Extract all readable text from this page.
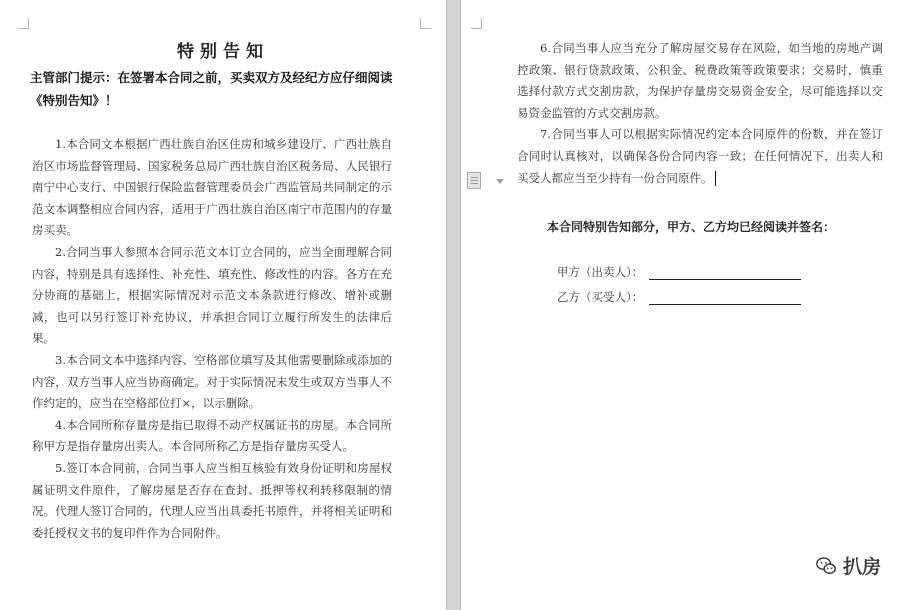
特别告知
主管部门提示：在签署本合同之前，买卖双方及经纪方应仔细阅读《特别告知》！

1.本合同文本根据广西壮族自治区住房和城乡建设厅、广西壮族自治区市场监督管理局、国家税务总局广西壮族自治区税务局、人民银行南宁中心支行、中国银行保险监督管理委员会广西监管局共同制定的示范文本调整相应合同内容，适用于广西壮族自治区南宁市范围内的存量房买卖。

2.合同当事人参照本合同示范文本订立合同的，应当全面理解合同内容，特别是具有选择性、补充性、填充性、修改性的内容。各方在充分协商的基础上，根据实际情况对示范文本条款进行修改、增补或删减，也可以另行签订补充协议，并承担合同订立履行所发生的法律后果。

3.本合同文本中选择内容、空格部位填写及其他需要删除或添加的内容，双方当事人应当协商确定。对于实际情况未发生或双方当事人不作约定的，应当在空格部位打×，以示删除。

4.本合同所称存量房是指已取得不动产权属证书的房屋。本合同所称甲方是指存量房出卖人。本合同所称乙方是指存量房买受人。

5.签订本合同前，合同当事人应当相互核验有效身份证明和房屋权属证明文件原件，了解房屋是否存在查封、抵押等权利转移限制的情况。代理人签订合同的，代理人应当出具委托书原件，并将相关证明和委托授权文书的复印件作为合同附件。

6.合同当事人应当充分了解房屋交易存在风险，如当地的房地产调控政策、银行贷款政策、公积金、税费政策等政策要求；交易时，慎重选择付款方式交割房款，为保护存量房交易资金安全，尽可能选择以交易资金监管的方式交割房款。

7.合同当事人可以根据实际情况约定本合同原件的份数，并在签订合同时认真核对，以确保各份合同内容一致；在任何情况下，出卖人和买受人都应当至少持有一份合同原件。

本合同特别告知部分，甲方、乙方均已经阅读并签名：
甲方（出卖人）：
乙方（买受人）：
扒房
